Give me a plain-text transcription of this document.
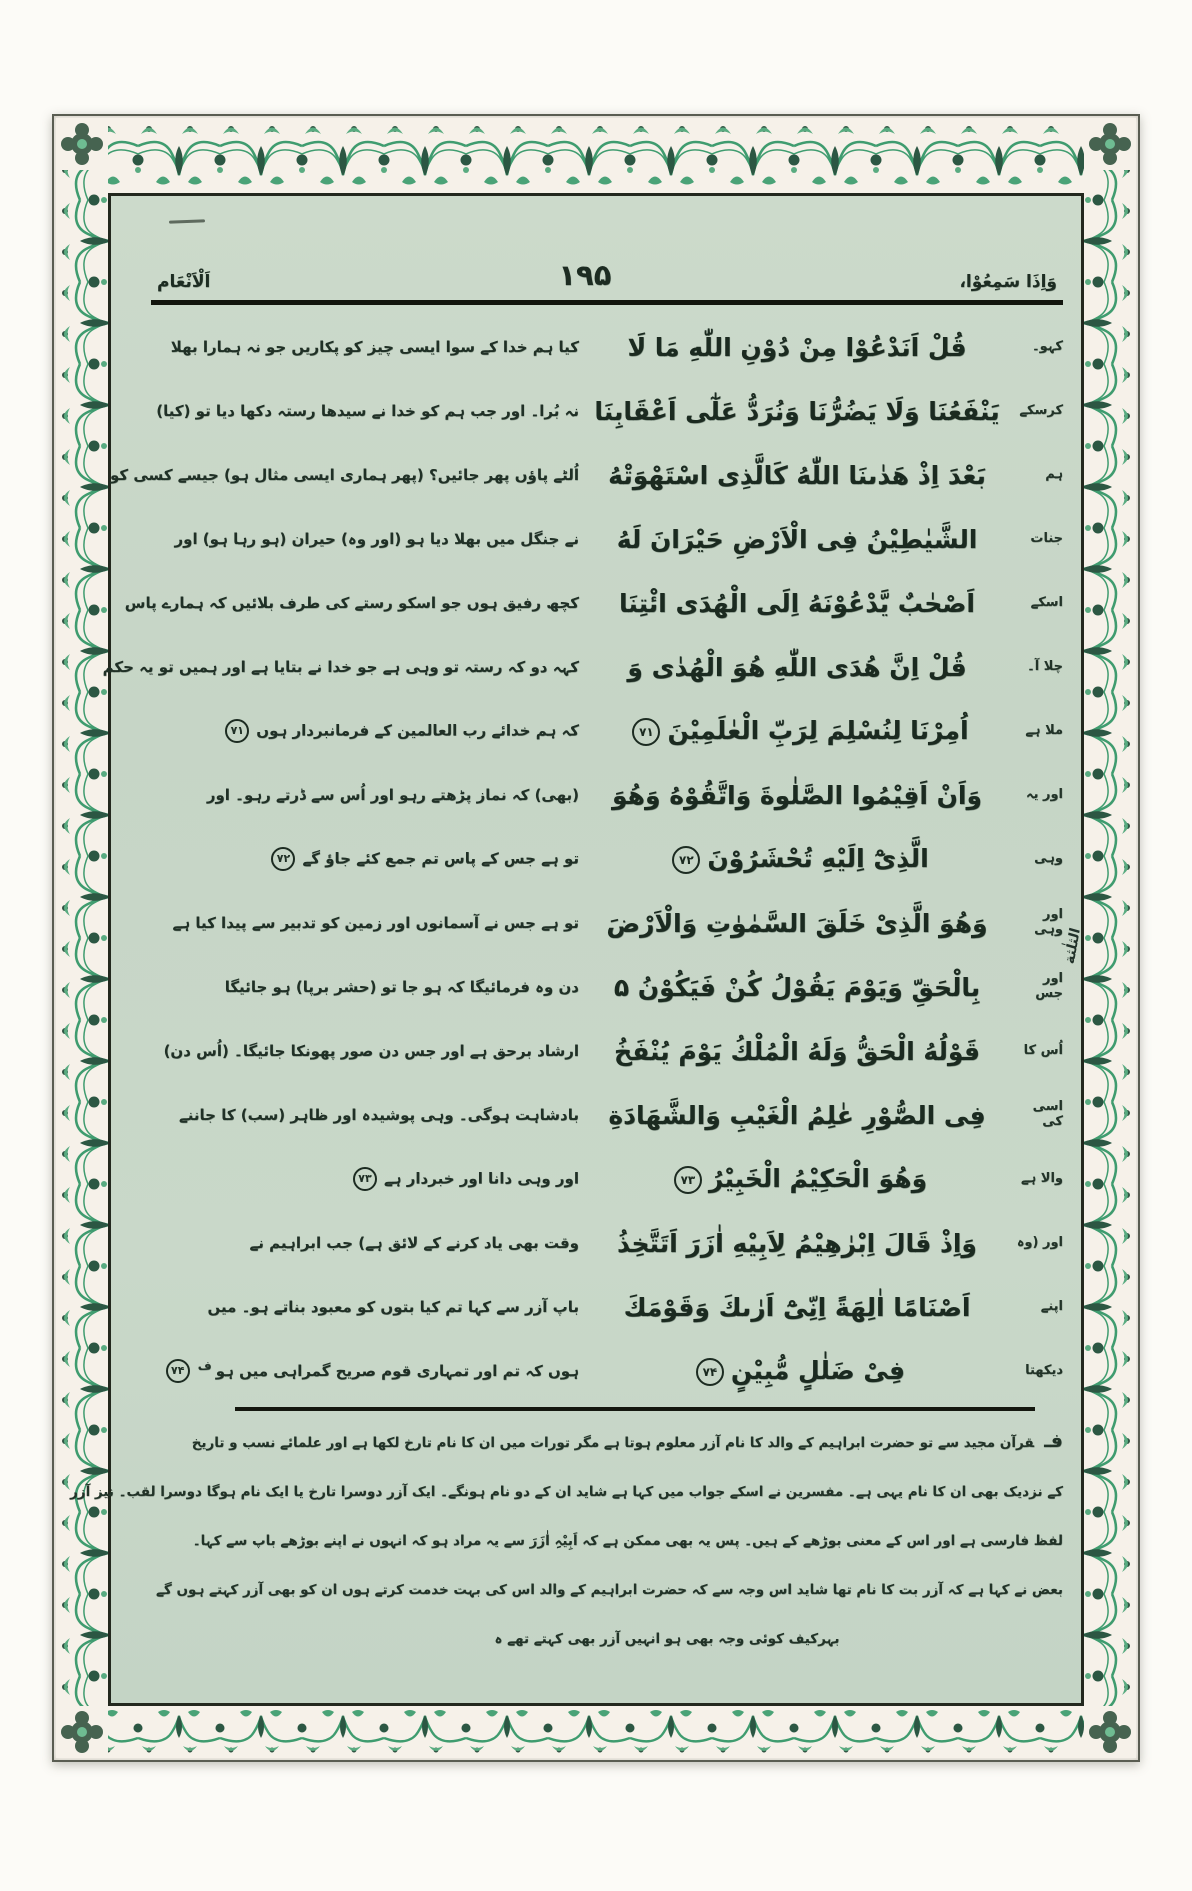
وَاِذَا سَمِعُوْا،
۱۹۵
اَلْاَنْعَام
کہو۔
قُلْ اَنَدْعُوْا مِنْ دُوْنِ اللّٰهِ مَا لَا
کیا ہم خدا کے سوا ایسی چیز کو پکاریں جو نہ ہمارا بھلا
کرسکے
يَنْفَعُنَا وَلَا يَضُرُّنَا وَنُرَدُّ عَلٰٓى اَعْقَابِنَا
نہ بُرا۔ اور جب ہم کو خدا نے سیدھا رستہ دکھا دیا تو (کیا)
ہم
بَعْدَ اِذْ هَدٰىنَا اللّٰهُ كَالَّذِى اسْتَهْوَتْهُ
اُلٹے پاؤں پھر جائیں؟ (پھر ہماری ایسی مثال ہو) جیسے کسی کو
جنات
الشَّيٰطِيْنُ فِى الْاَرْضِ حَيْرَانَ لَهُ
نے جنگل میں بھلا دیا ہو (اور وہ) حیران (ہو رہا ہو) اور
اسکے
اَصْحٰبٌ يَّدْعُوْنَهُ اِلَى الْهُدَى ائْتِنَا
کچھ رفیق ہوں جو اسکو رستے کی طرف بلائیں کہ ہمارے پاس
چلا آ۔
قُلْ اِنَّ هُدَى اللّٰهِ هُوَ الْهُدٰى وَ
کہہ دو کہ رستہ تو وہی ہے جو خدا نے بتایا ہے اور ہمیں تو یہ حکم
ملا ہے
اُمِرْنَا لِنُسْلِمَ لِرَبِّ الْعٰلَمِيْنَ۷۱
کہ ہم خدائے رب العالمین کے فرمانبردار ہوں۷۱
اور یہ
وَاَنْ اَقِيْمُوا الصَّلٰوةَ وَاتَّقُوْهُ وَهُوَ
(بھی) کہ نماز پڑھتے رہو اور اُس سے ڈرتے رہو۔ اور
وہی
الَّذِىْٓ اِلَيْهِ تُحْشَرُوْنَ۷۲
تو ہے جس کے پاس تم جمع کئے جاؤ گے۷۲
اور وہی
وَهُوَ الَّذِىْ خَلَقَ السَّمٰوٰتِ وَالْاَرْضَ
تو ہے جس نے آسمانوں اور زمین کو تدبیر سے پیدا کیا ہے
اور جس
بِالْحَقِّ وَيَوْمَ يَقُوْلُ كُنْ فَيَكُوْنُ ۵
دن وہ فرمائیگا کہ ہو جا تو (حشر برپا) ہو جائیگا
اُس کا
قَوْلُهُ الْحَقُّ وَلَهُ الْمُلْكُ يَوْمَ يُنْفَخُ
ارشاد برحق ہے اور جس دن صور پھونکا جائیگا۔ (اُس دن)
اسی کی
فِى الصُّوْرِ عٰلِمُ الْغَيْبِ وَالشَّهَادَةِ
بادشاہت ہوگی۔ وہی پوشیدہ اور ظاہر (سب) کا جاننے
والا ہے
وَهُوَ الْحَكِيْمُ الْخَبِيْرُ۷۳
اور وہی دانا اور خبردار ہے۷۳
اور (وہ
وَاِذْ قَالَ اِبْرٰهِيْمُ لِاَبِيْهِ اٰزَرَ اَتَتَّخِذُ
وقت بھی یاد کرنے کے لائق ہے) جب ابراہیم نے
اپنے
اَصْنَامًا اٰلِهَةً اِنِّىْٓ اَرٰىكَ وَقَوْمَكَ
باپ آزر سے کہا تم کیا بتوں کو معبود بناتے ہو۔ میں
دیکھتا
فِىْ ضَلٰلٍ مُّبِيْنٍ۷۴
ہوں کہ تم اور تمہاری قوم صریح گمراہی میں ہو$^ف$۷۴
فـقرآن مجید سے تو حضرت ابراہیم کے والد کا نام آزر معلوم ہوتا ہے مگر تورات میں ان کا نام تارخ لکھا ہے اور علمائے نسب و تاریخ
کے نزدیک بھی ان کا نام یہی ہے۔ مفسرین نے اسکے جواب میں کہا ہے شاید ان کے دو نام ہونگے۔ ایک آزر دوسرا تارخ یا ایک نام ہوگا دوسرا لقب۔ نیز آزر
لفظ فارسی ہے اور اس کے معنی بوڑھے کے ہیں۔ پس یہ بھی ممکن ہے کہ اَبِیْہِ اٰزَرَ سے یہ مراد ہو کہ انہوں نے اپنے بوڑھے باپ سے کہا۔
بعض نے کہا ہے کہ آزر بت کا نام تھا شاید اس وجہ سے کہ حضرت ابراہیم کے والد اس کی بہت خدمت کرتے ہوں ان کو بھی آزر کہتے ہوں گے
بہرکیف کوئی وجہ بھی ہو انہیں آزر بھی کہتے تھے ہ
الثلٰثة
